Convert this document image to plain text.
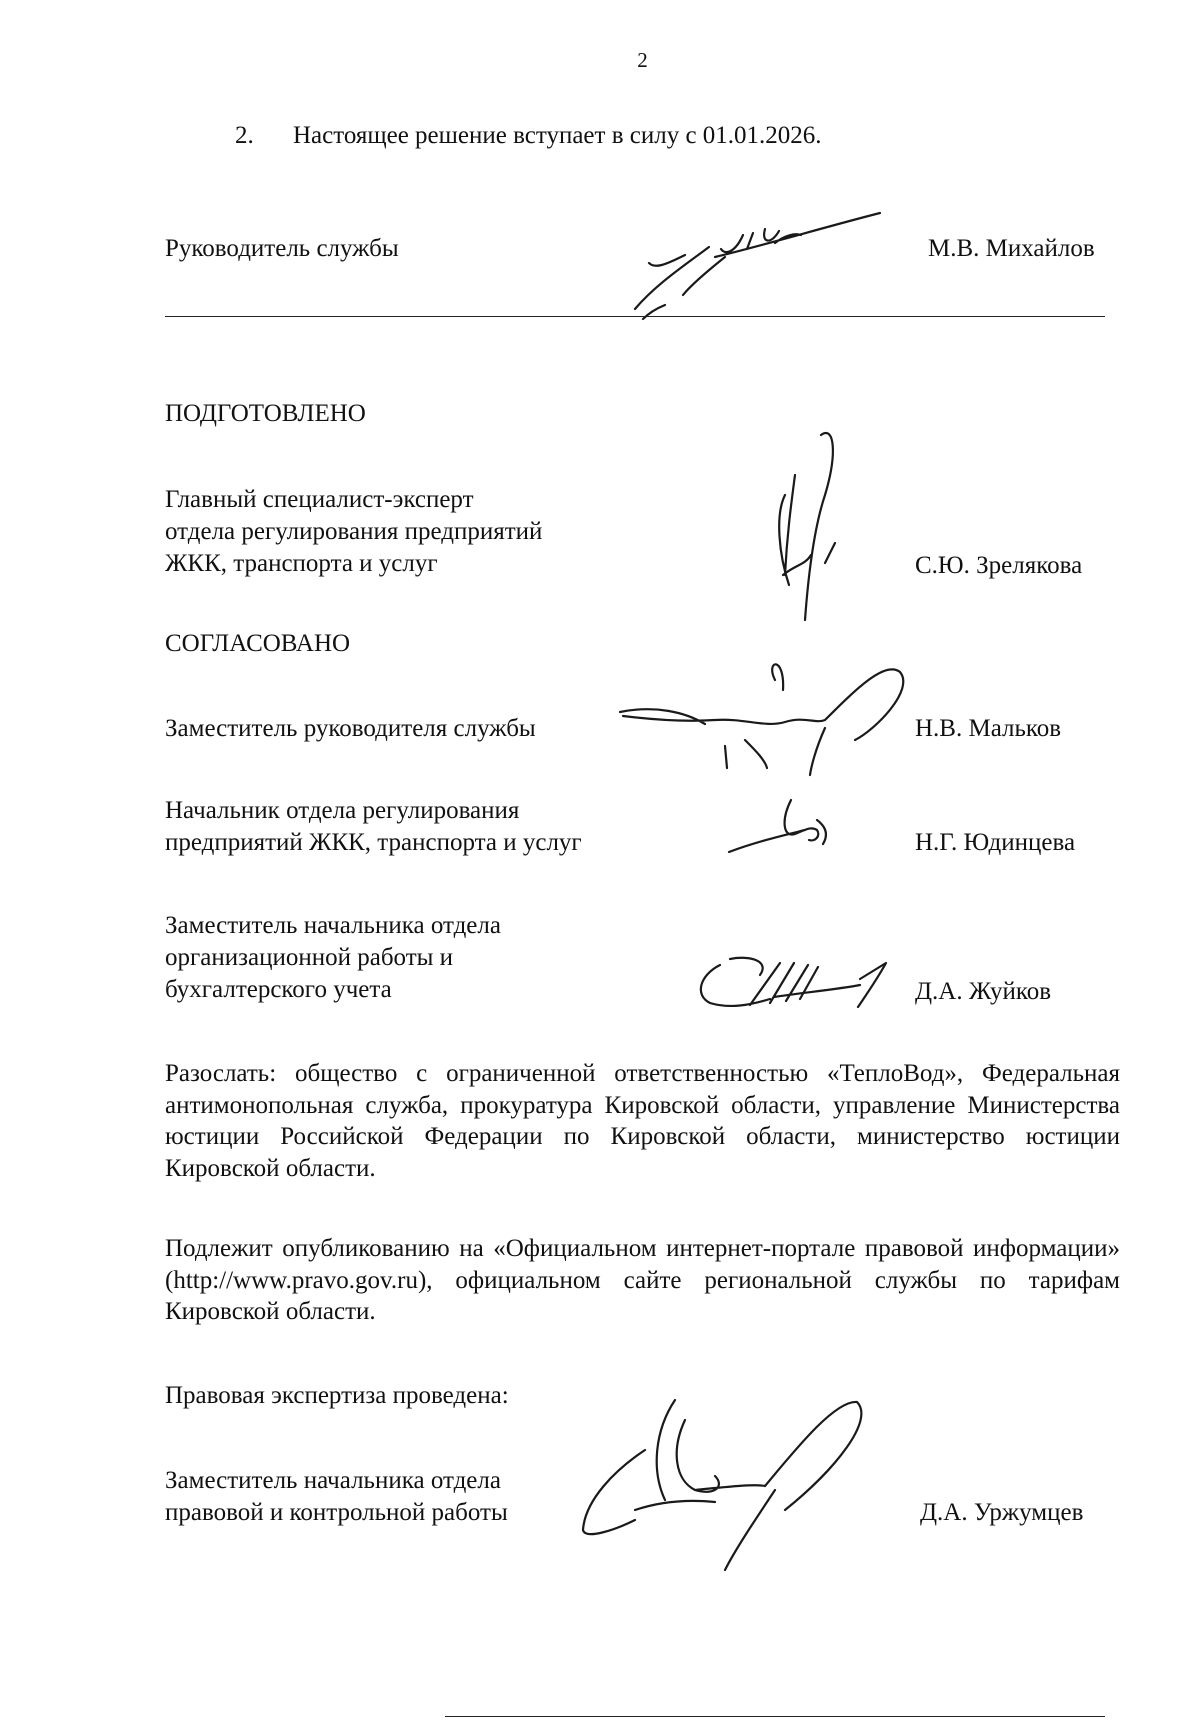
2
2. Настоящее решение вступает в силу с 01.01.2026.
Руководитель службы	М.В. Михайлов
ПОДГОТОВЛЕНО
Главный специалист-эксперт
отдела регулирования предприятий
ЖКК, транспорта и услуг	С.Ю. Зрелякова
СОГЛАСОВАНО
Заместитель руководителя службы	Н.В. Мальков
Начальник отдела регулирования
предприятий ЖКК, транспорта и услуг	Н.Г. Юдинцева
Заместитель начальника отдела
организационной работы и
бухгалтерского учета	Д.А. Жуйков

Разослать: общество с ограниченной ответственностью «ТеплоВод», Федеральная антимонопольная служба, прокуратура Кировской области, управление Министерства юстиции Российской Федерации по Кировской области, министерство юстиции Кировской области.

Подлежит опубликованию на «Официальном интернет-портале правовой информации» (http://www.pravo.gov.ru), официальном сайте региональной службы по тарифам Кировской области.

Правовая экспертиза проведена:
Заместитель начальника отдела
правовой и контрольной работы	Д.А. Уржумцев
